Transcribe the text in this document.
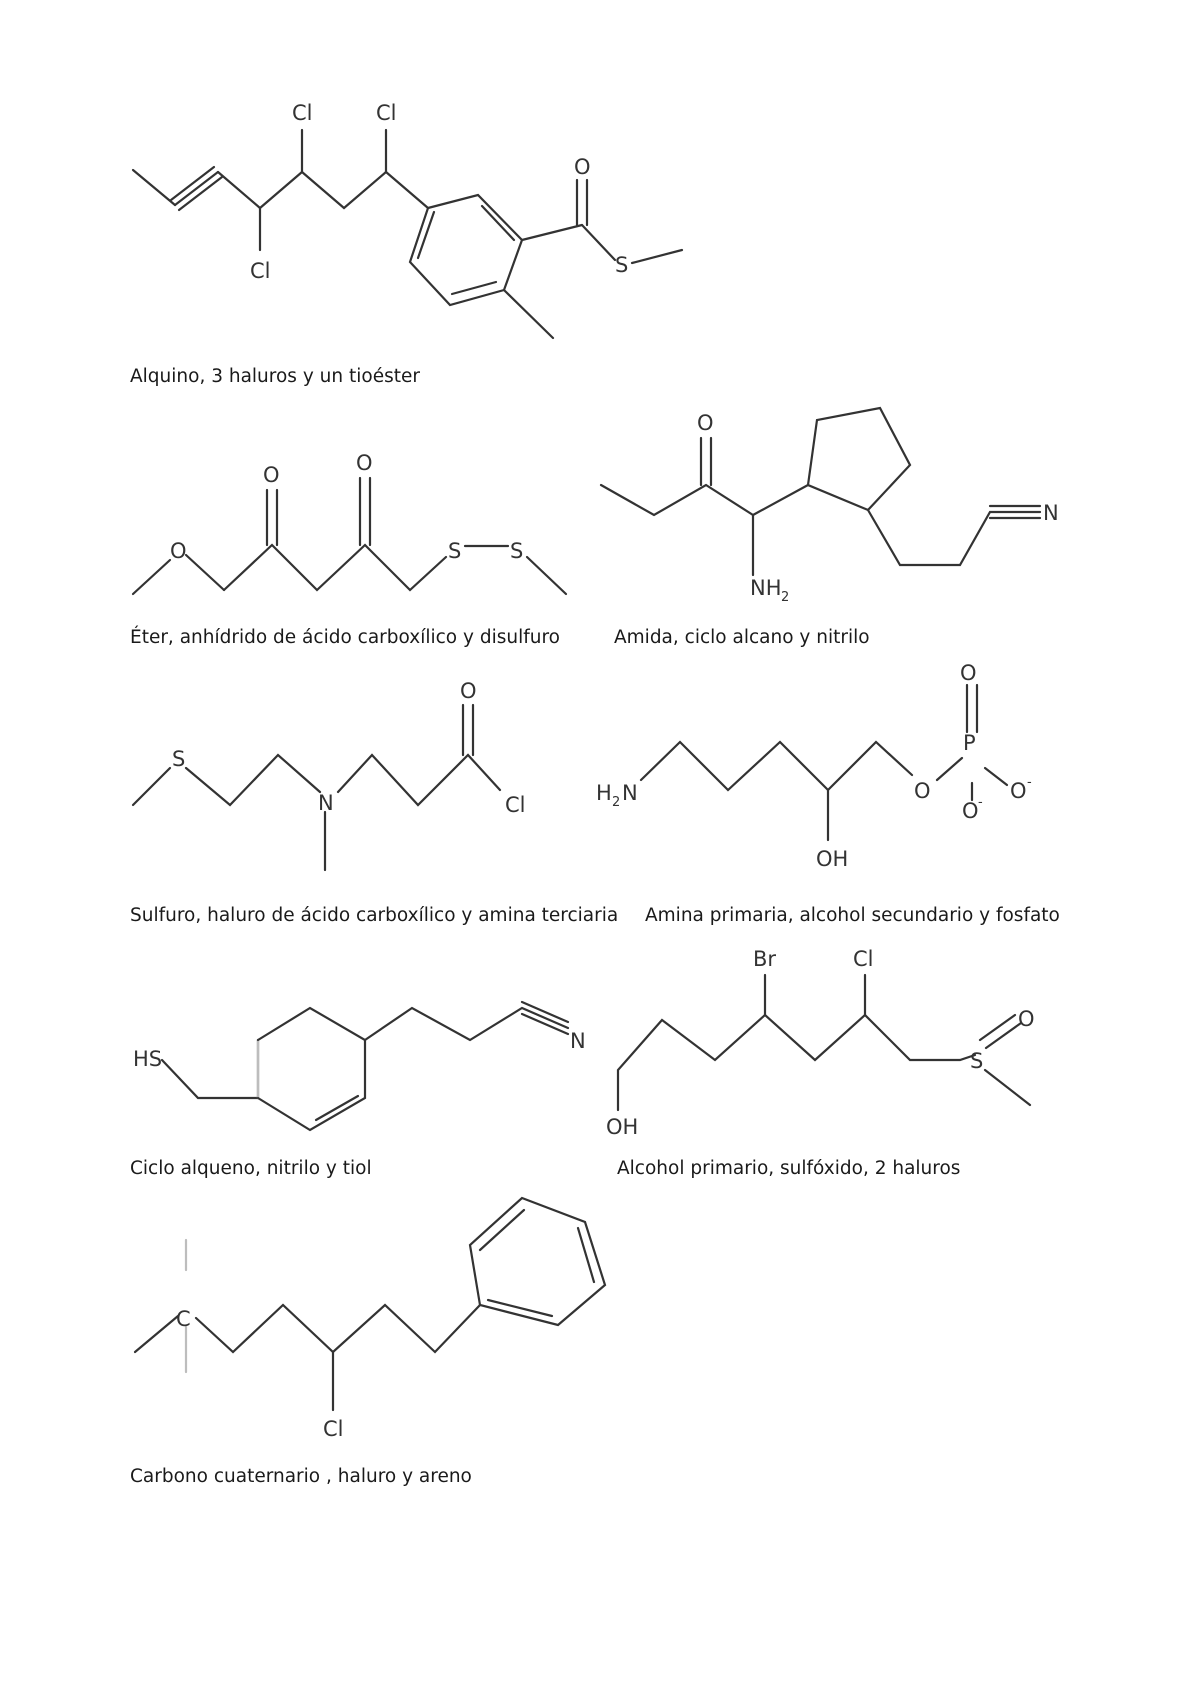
Cl	Cl
Cl
O
S
O
O	O
S S
O
NH 2
N
S
N
O
Cl	H 2 N
OH
O
P
O
O -
O
-
HS
N
Br	Cl
S
O
OH
C
Cl
Alquino, 3 haluros y un tioéster
Éter, anhídrido de ácido carboxílico y disulfuro	Amida, ciclo alcano y nitrilo
Sulfuro, haluro de ácido carboxílico y amina terciaria Amina primaria, alcohol secundario y fosfato
Ciclo alqueno, nitrilo y tiol	Alcohol primario, sulfóxido, 2 haluros
Carbono cuaternario , haluro y areno
